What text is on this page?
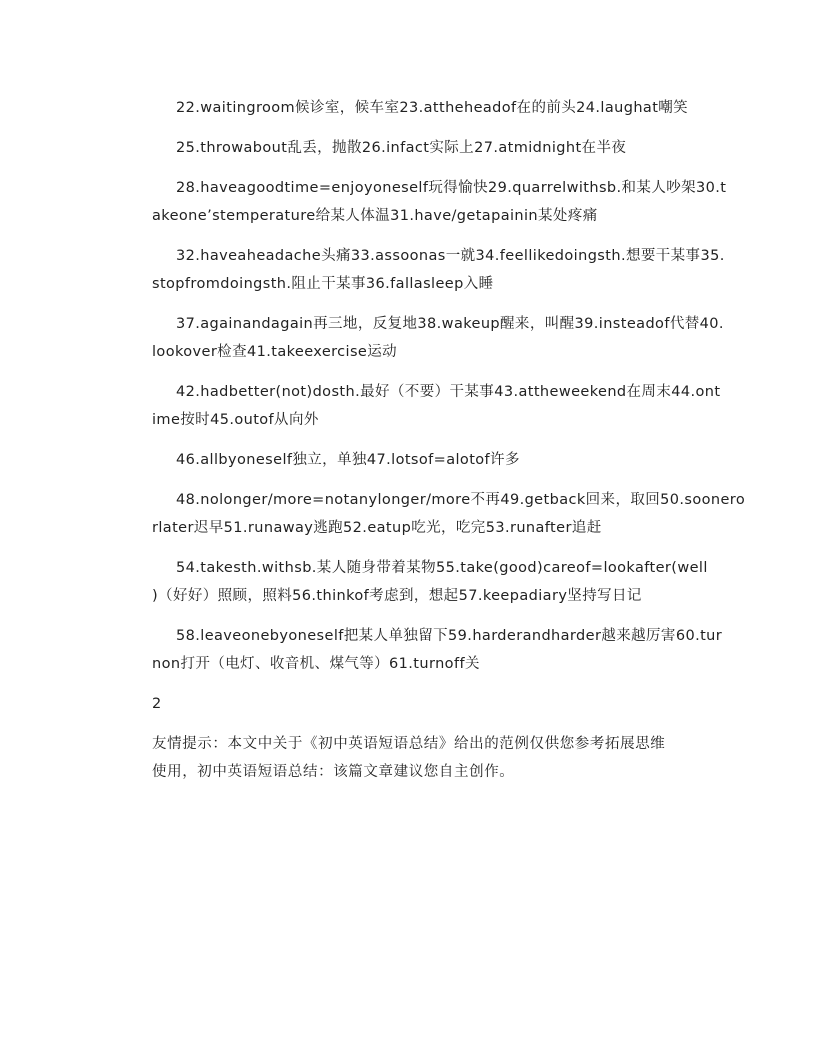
22.waitingroom候诊室，候车室23.attheheadof在的前头24.laughat嘲笑

25.throwabout乱丢，抛散26.infact实际上27.atmidnight在半夜

28.haveagoodtime=enjoyoneself玩得愉快29.quarrelwithsb.和某人吵架30.t
akeone’stemperature给某人体温31.have/getapainin某处疼痛

32.haveaheadache头痛33.assoonas一就34.feellikedoingsth.想要干某事35.
stopfromdoingsth.阻止干某事36.fallasleep入睡

37.againandagain再三地，反复地38.wakeup醒来，叫醒39.insteadof代替40.
lookover检查41.takeexercise运动

42.hadbetter(not)dosth.最好（不要）干某事43.attheweekend在周末44.ont
ime按时45.outof从向外

46.allbyoneself独立，单独47.lotsof=alotof许多

48.nolonger/more=notanylonger/more不再49.getback回来，取回50.soonero
rlater迟早51.runaway逃跑52.eatup吃光，吃完53.runafter追赶

54.takesth.withsb.某人随身带着某物55.take(good)careof=lookafter(well
)（好好）照顾，照料56.thinkof考虑到，想起57.keepadiary坚持写日记

58.leaveonebyoneself把某人单独留下59.harderandharder越来越厉害60.tur
non打开（电灯、收音机、煤气等）61.turnoff关

2

友情提示：本文中关于《初中英语短语总结》给出的范例仅供您参考拓展思维
使用，初中英语短语总结：该篇文章建议您自主创作。
